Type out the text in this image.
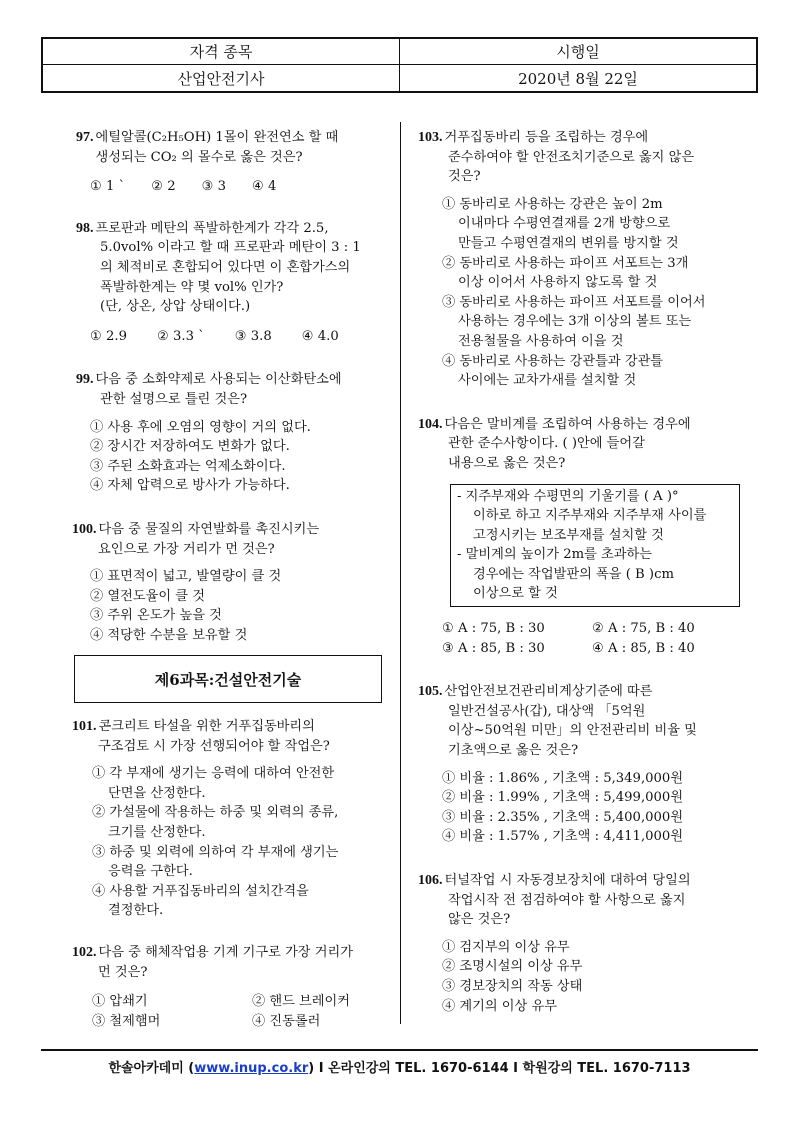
자격 종목	시행일
산업안전기사	2020년 8월 22일
97. 에틸알콜(C₂H₅OH) 1몰이 완전연소 할 때
생성되는 CO₂ 의 몰수로 옳은 것은?
① 1 ` ② 2 ③ 3 ④ 4
98. 프로판과 메탄의 폭발하한계가 각각 2.5,
5.0vol% 이라고 할 때 프로판과 메탄이 3 : 1
의 체적비로 혼합되어 있다면 이 혼합가스의
폭발하한계는 약 몇 vol% 인가?
(단, 상온, 상압 상태이다.)
① 2.9 ② 3.3 ` ③ 3.8 ④ 4.0
99. 다음 중 소화약제로 사용되는 이산화탄소에
관한 설명으로 틀린 것은?
① 사용 후에 오염의 영향이 거의 없다.
② 장시간 저장하여도 변화가 없다.
③ 주된 소화효과는 억제소화이다.
④ 자체 압력으로 방사가 가능하다.
100. 다음 중 물질의 자연발화를 촉진시키는
요인으로 가장 거리가 먼 것은?
① 표면적이 넓고, 발열량이 클 것
② 열전도율이 클 것
③ 주위 온도가 높을 것
④ 적당한 수분을 보유할 것
제6과목:건설안전기술
101. 콘크리트 타설을 위한 거푸집동바리의
구조검토 시 가장 선행되어야 할 작업은?
① 각 부재에 생기는 응력에 대하여 안전한
단면을 산정한다.
② 가설물에 작용하는 하중 및 외력의 종류,
크기를 산정한다.
③ 하중 및 외력에 의하여 각 부재에 생기는
응력을 구한다.
④ 사용할 거푸집동바리의 설치간격을
결정한다.
102. 다음 중 해체작업용 기계 기구로 가장 거리가
먼 것은?
① 압쇄기	② 핸드 브레이커
③ 철제햄머	④ 진동롤러
103. 거푸집동바리 등을 조립하는 경우에
준수하여야 할 안전조치기준으로 옳지 않은
것은?
① 동바리로 사용하는 강관은 높이 2m
이내마다 수평연결재를 2개 방향으로
만들고 수평연결재의 변위를 방지할 것
② 동바리로 사용하는 파이프 서포트는 3개
이상 이어서 사용하지 않도록 할 것
③ 동바리로 사용하는 파이프 서포트를 이어서
사용하는 경우에는 3개 이상의 볼트 또는
전용철물을 사용하여 이을 것
④ 동바리로 사용하는 강관틀과 강관틀
사이에는 교차가새를 설치할 것
104. 다음은 말비계를 조립하여 사용하는 경우에
관한 준수사항이다. ( )안에 들어갈
내용으로 옳은 것은?
- 지주부재와 수평면의 기울기를 ( A )°
이하로 하고 지주부재와 지주부재 사이를
고정시키는 보조부재를 설치할 것
- 말비계의 높이가 2m를 초과하는
경우에는 작업발판의 폭을 ( B )cm
이상으로 할 것
① A : 75, B : 30	② A : 75, B : 40
③ A : 85, B : 30	④ A : 85, B : 40
105. 산업안전보건관리비계상기준에 따른
일반건설공사(갑), 대상액 「5억원
이상~50억원 미만」의 안전관리비 비율 및
기초액으로 옳은 것은?
① 비율 : 1.86% , 기초액 : 5,349,000원
② 비율 : 1.99% , 기초액 : 5,499,000원
③ 비율 : 2.35% , 기초액 : 5,400,000원
④ 비율 : 1.57% , 기초액 : 4,411,000원
106. 터널작업 시 자동경보장치에 대하여 당일의
작업시작 전 점검하여야 할 사항으로 옳지
않은 것은?
① 검지부의 이상 유무
② 조명시설의 이상 유무
③ 경보장치의 작동 상태
④ 계기의 이상 유무
한솔아카데미 (www.inup.co.kr) I 온라인강의 TEL. 1670-6144 I 학원강의 TEL. 1670-7113
